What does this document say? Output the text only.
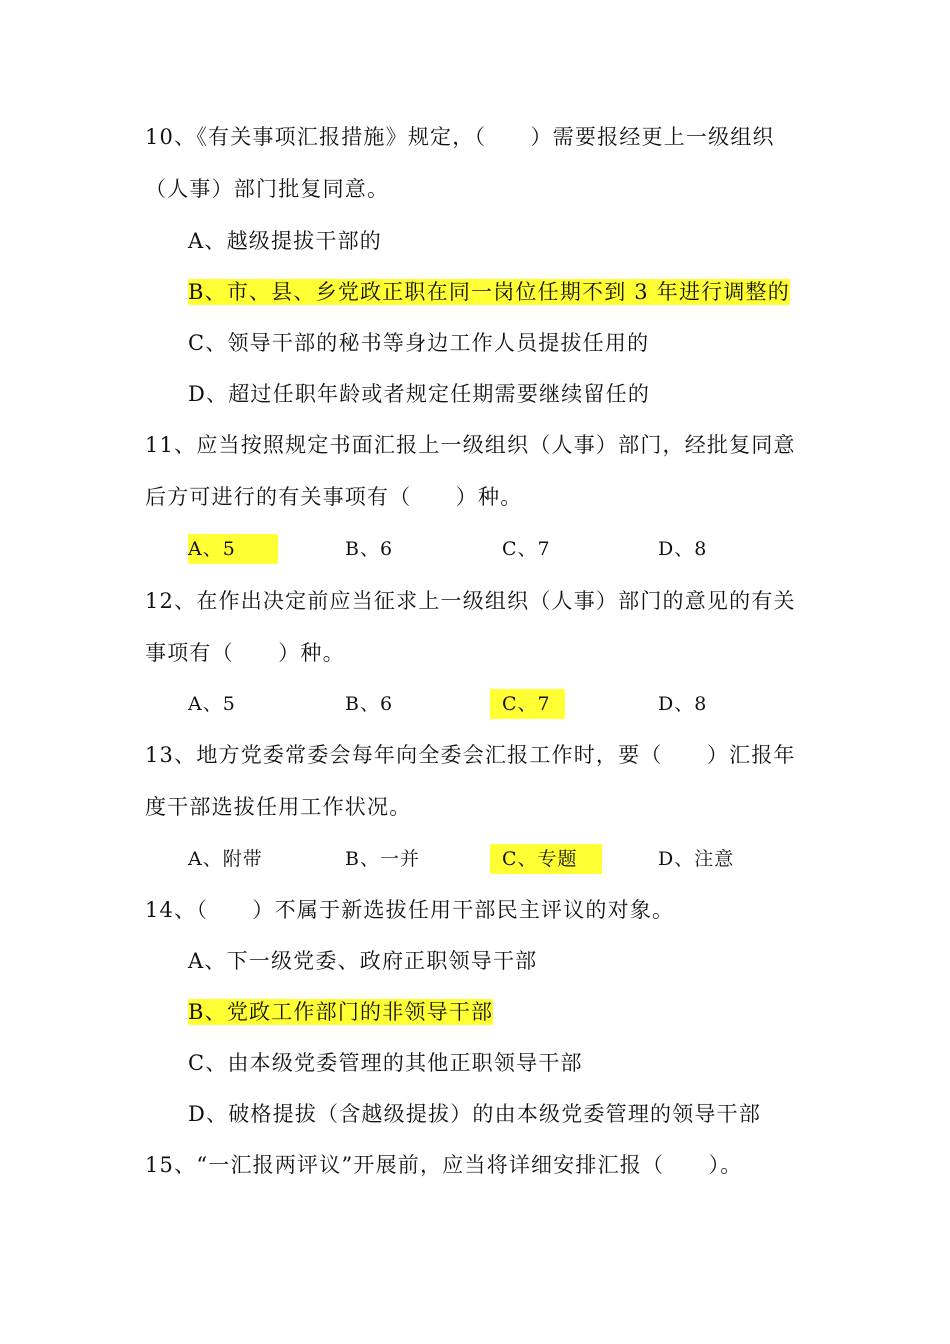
10、《有关事项汇报措施》规定，（　　）需要报经更上一级组织
（人事）部门批复同意。
A、越级提拔干部的
B、市、县、乡党政正职在同一岗位任期不到 3 年进行调整的
C、领导干部的秘书等身边工作人员提拔任用的
D、超过任职年龄或者规定任期需要继续留任的
11、应当按照规定书面汇报上一级组织（人事）部门，经批复同意
后方可进行的有关事项有（　　）种。
A、5	B、6	C、7	D、8
12、在作出决定前应当征求上一级组织（人事）部门的意见的有关
事项有（　　）种。
A、5	B、6	C、7	D、8
13、地方党委常委会每年向全委会汇报工作时，要（　　）汇报年
度干部选拔任用工作状况。
A、附带	B、一并	C、专题	D、注意
14、（　　）不属于新选拔任用干部民主评议的对象。
A、下一级党委、政府正职领导干部
B、党政工作部门的非领导干部
C、由本级党委管理的其他正职领导干部
D、破格提拔（含越级提拔）的由本级党委管理的领导干部
15、“一汇报两评议”开展前，应当将详细安排汇报（　　）。
